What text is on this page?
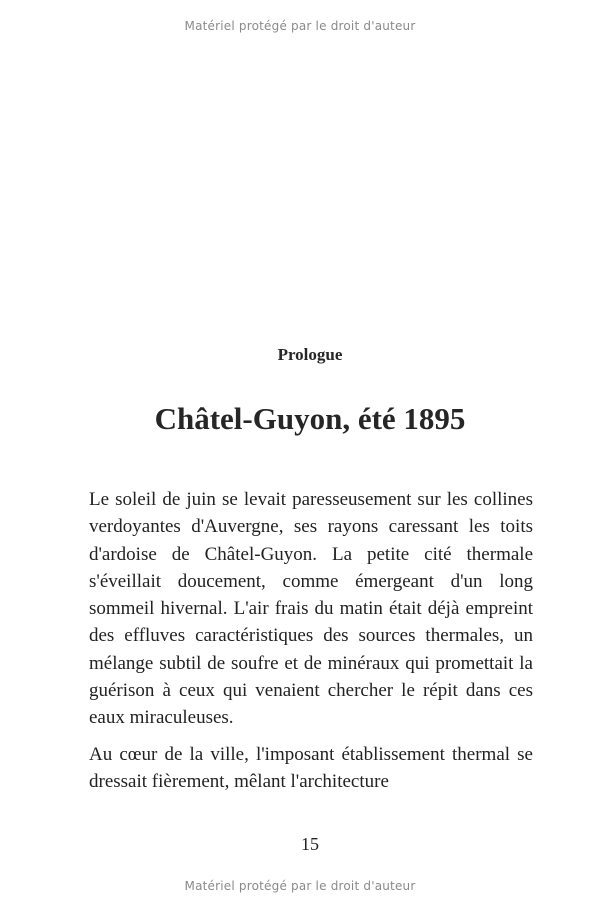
Matériel protégé par le droit d'auteur
Prologue
Châtel-Guyon, été 1895

Le soleil de juin se levait paresseusement sur les collines verdoyantes d'Auvergne, ses rayons caressant les toits d'ardoise de Châtel-Guyon. La petite cité thermale s'éveillait doucement, comme émergeant d'un long sommeil hivernal. L'air frais du matin était déjà empreint des effluves caractéristiques des sources thermales, un mélange subtil de soufre et de minéraux qui promettait la guérison à ceux qui venaient chercher le répit dans ces eaux miraculeuses.

Au cœur de la ville, l'imposant établissement thermal se dressait fièrement, mêlant l'architecture

15
Matériel protégé par le droit d'auteur
